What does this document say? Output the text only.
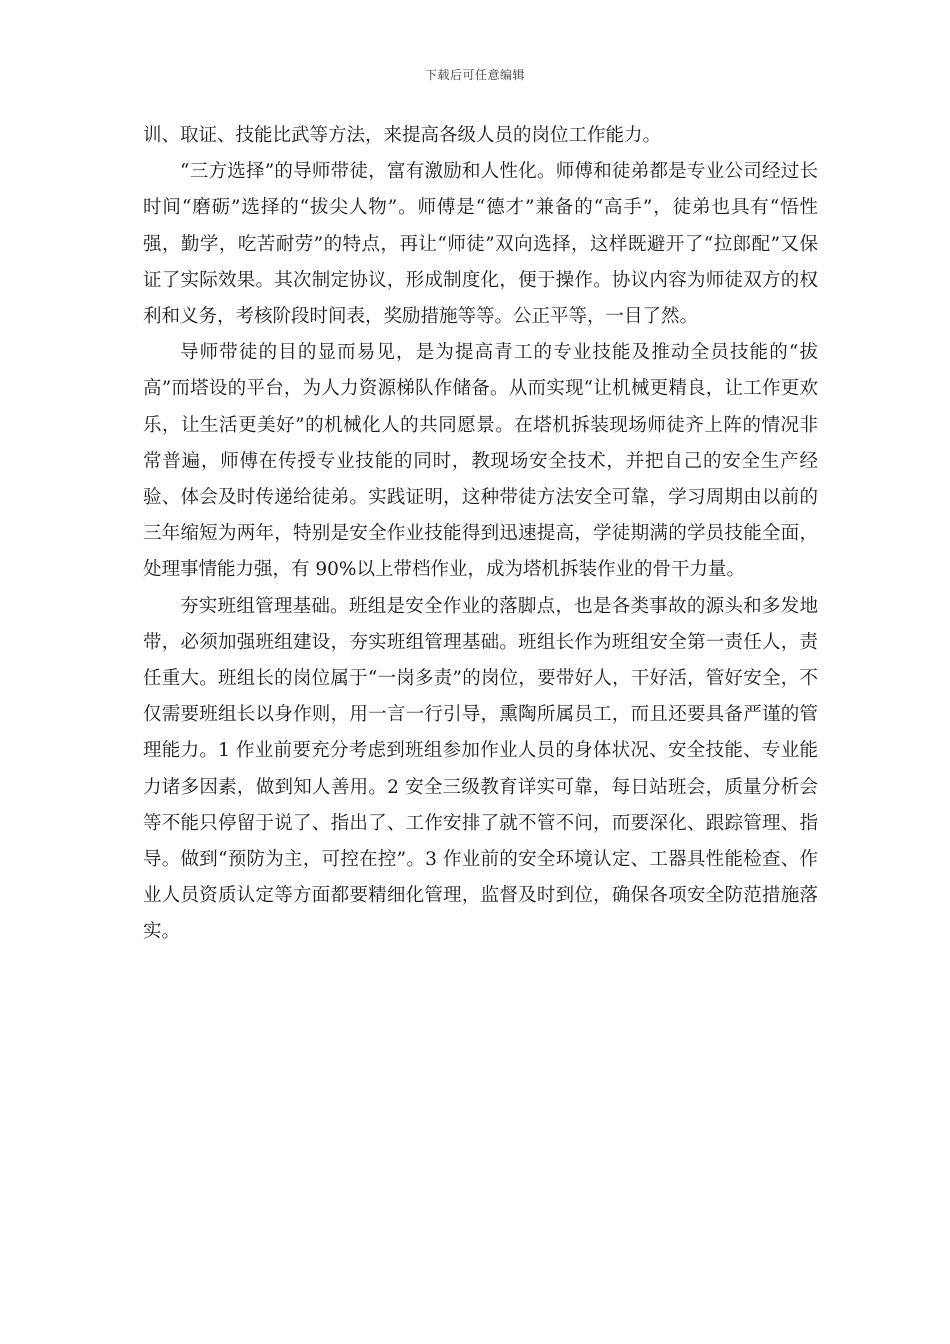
下载后可任意编辑

训、取证、技能比武等方法，来提高各级人员的岗位工作能力。

“三方选择”的导师带徒，富有激励和人性化。师傅和徒弟都是专业公司经过长时间“磨砺”选择的“拔尖人物”。师傅是“德才”兼备的“高手”，徒弟也具有“悟性强，勤学，吃苦耐劳”的特点，再让“师徒”双向选择，这样既避开了“拉郎配”又保证了实际效果。其次制定协议，形成制度化，便于操作。协议内容为师徒双方的权利和义务，考核阶段时间表，奖励措施等等。公正平等，一目了然。

导师带徒的目的显而易见，是为提高青工的专业技能及推动全员技能的“拔高”而塔设的平台，为人力资源梯队作储备。从而实现“让机械更精良，让工作更欢乐，让生活更美好”的机械化人的共同愿景。在塔机拆装现场师徒齐上阵的情况非常普遍，师傅在传授专业技能的同时，教现场安全技术，并把自己的安全生产经验、体会及时传递给徒弟。实践证明，这种带徒方法安全可靠，学习周期由以前的三年缩短为两年，特别是安全作业技能得到迅速提高，学徒期满的学员技能全面，处理事情能力强，有 90%以上带档作业，成为塔机拆装作业的骨干力量。

夯实班组管理基础。班组是安全作业的落脚点，也是各类事故的源头和多发地带，必须加强班组建设，夯实班组管理基础。班组长作为班组安全第一责任人，责任重大。班组长的岗位属于“一岗多责”的岗位，要带好人，干好活，管好安全，不仅需要班组长以身作则，用一言一行引导，熏陶所属员工，而且还要具备严谨的管理能力。1 作业前要充分考虑到班组参加作业人员的身体状况、安全技能、专业能力诸多因素，做到知人善用。2 安全三级教育详实可靠，每日站班会，质量分析会等不能只停留于说了、指出了、工作安排了就不管不问，而要深化、跟踪管理、指导。做到“预防为主，可控在控”。3 作业前的安全环境认定、工器具性能检查、作业人员资质认定等方面都要精细化管理，监督及时到位，确保各项安全防范措施落实。
